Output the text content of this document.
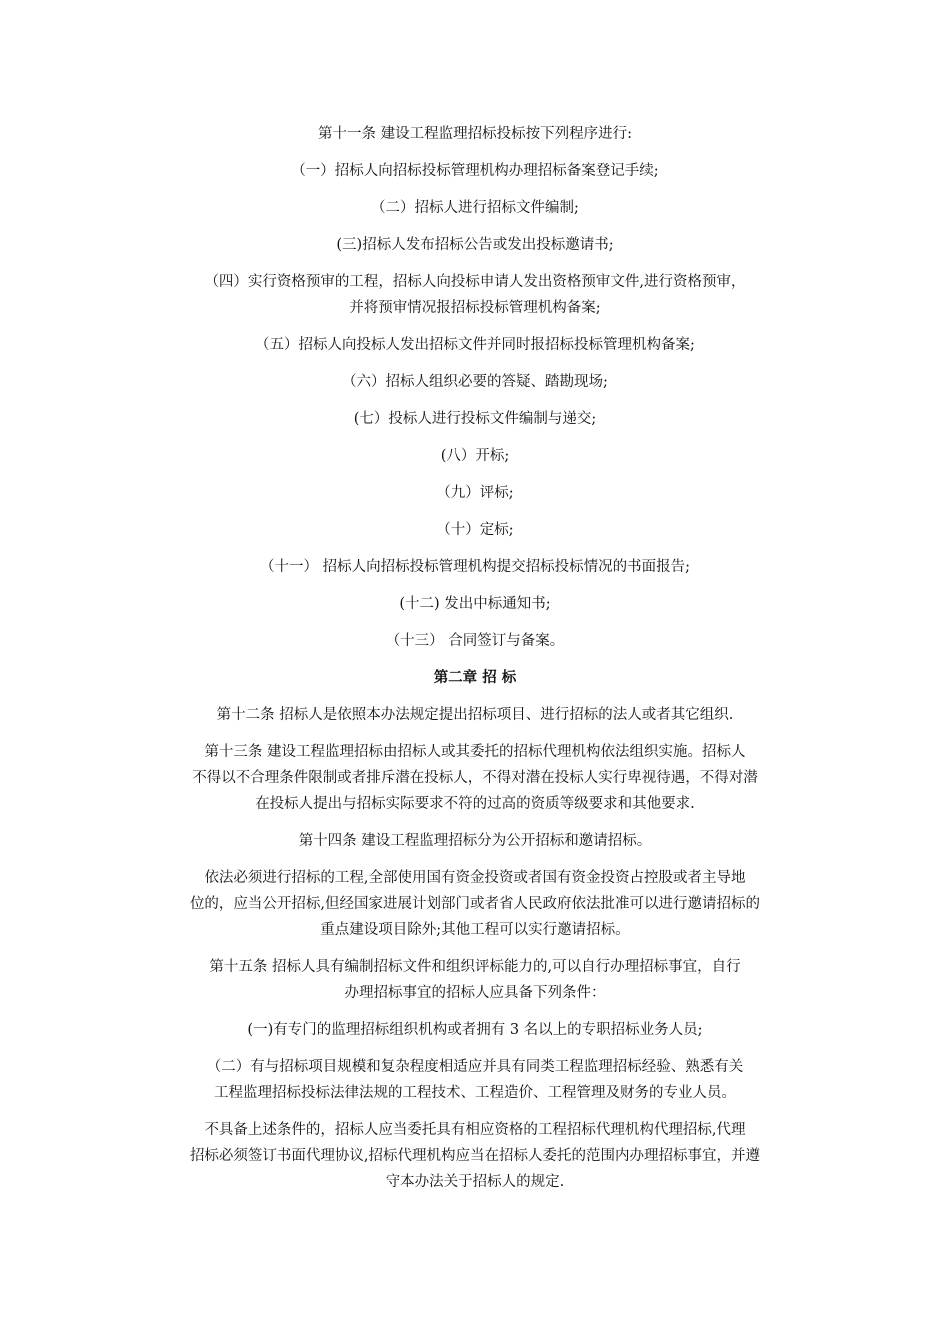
第十一条 建设工程监理招标投标按下列程序进行:

（一）招标人向招标投标管理机构办理招标备案登记手续;

（二）招标人进行招标文件编制;

(三)招标人发布招标公告或发出投标邀请书;

（四）实行资格预审的工程，招标人向投标申请人发出资格预审文件,进行资格预审，
并将预审情况报招标投标管理机构备案;

（五）招标人向投标人发出招标文件并同时报招标投标管理机构备案;

（六）招标人组织必要的答疑、踏勘现场;

(七）投标人进行投标文件编制与递交;

(八）开标;

（九）评标;

（十）定标;

（十一） 招标人向招标投标管理机构提交招标投标情况的书面报告;

(十二) 发出中标通知书;

（十三） 合同签订与备案。

第二章 招 标

第十二条 招标人是依照本办法规定提出招标项目、进行招标的法人或者其它组织.
第十三条 建设工程监理招标由招标人或其委托的招标代理机构依法组织实施。招标人
不得以不合理条件限制或者排斥潜在投标人，不得对潜在投标人实行卑视待遇，不得对潜
在投标人提出与招标实际要求不符的过高的资质等级要求和其他要求.
第十四条 建设工程监理招标分为公开招标和邀请招标。
依法必须进行招标的工程,全部使用国有资金投资或者国有资金投资占控股或者主导地
位的，应当公开招标,但经国家进展计划部门或者省人民政府依法批准可以进行邀请招标的
重点建设项目除外;其他工程可以实行邀请招标。
第十五条 招标人具有编制招标文件和组织评标能力的,可以自行办理招标事宜，自行
办理招标事宜的招标人应具备下列条件：
(一)有专门的监理招标组织机构或者拥有 3 名以上的专职招标业务人员;
（二）有与招标项目规模和复杂程度相适应并具有同类工程监理招标经验、熟悉有关
工程监理招标投标法律法规的工程技术、工程造价、工程管理及财务的专业人员。
不具备上述条件的，招标人应当委托具有相应资格的工程招标代理机构代理招标,代理
招标必须签订书面代理协议,招标代理机构应当在招标人委托的范围内办理招标事宜，并遵
守本办法关于招标人的规定.
